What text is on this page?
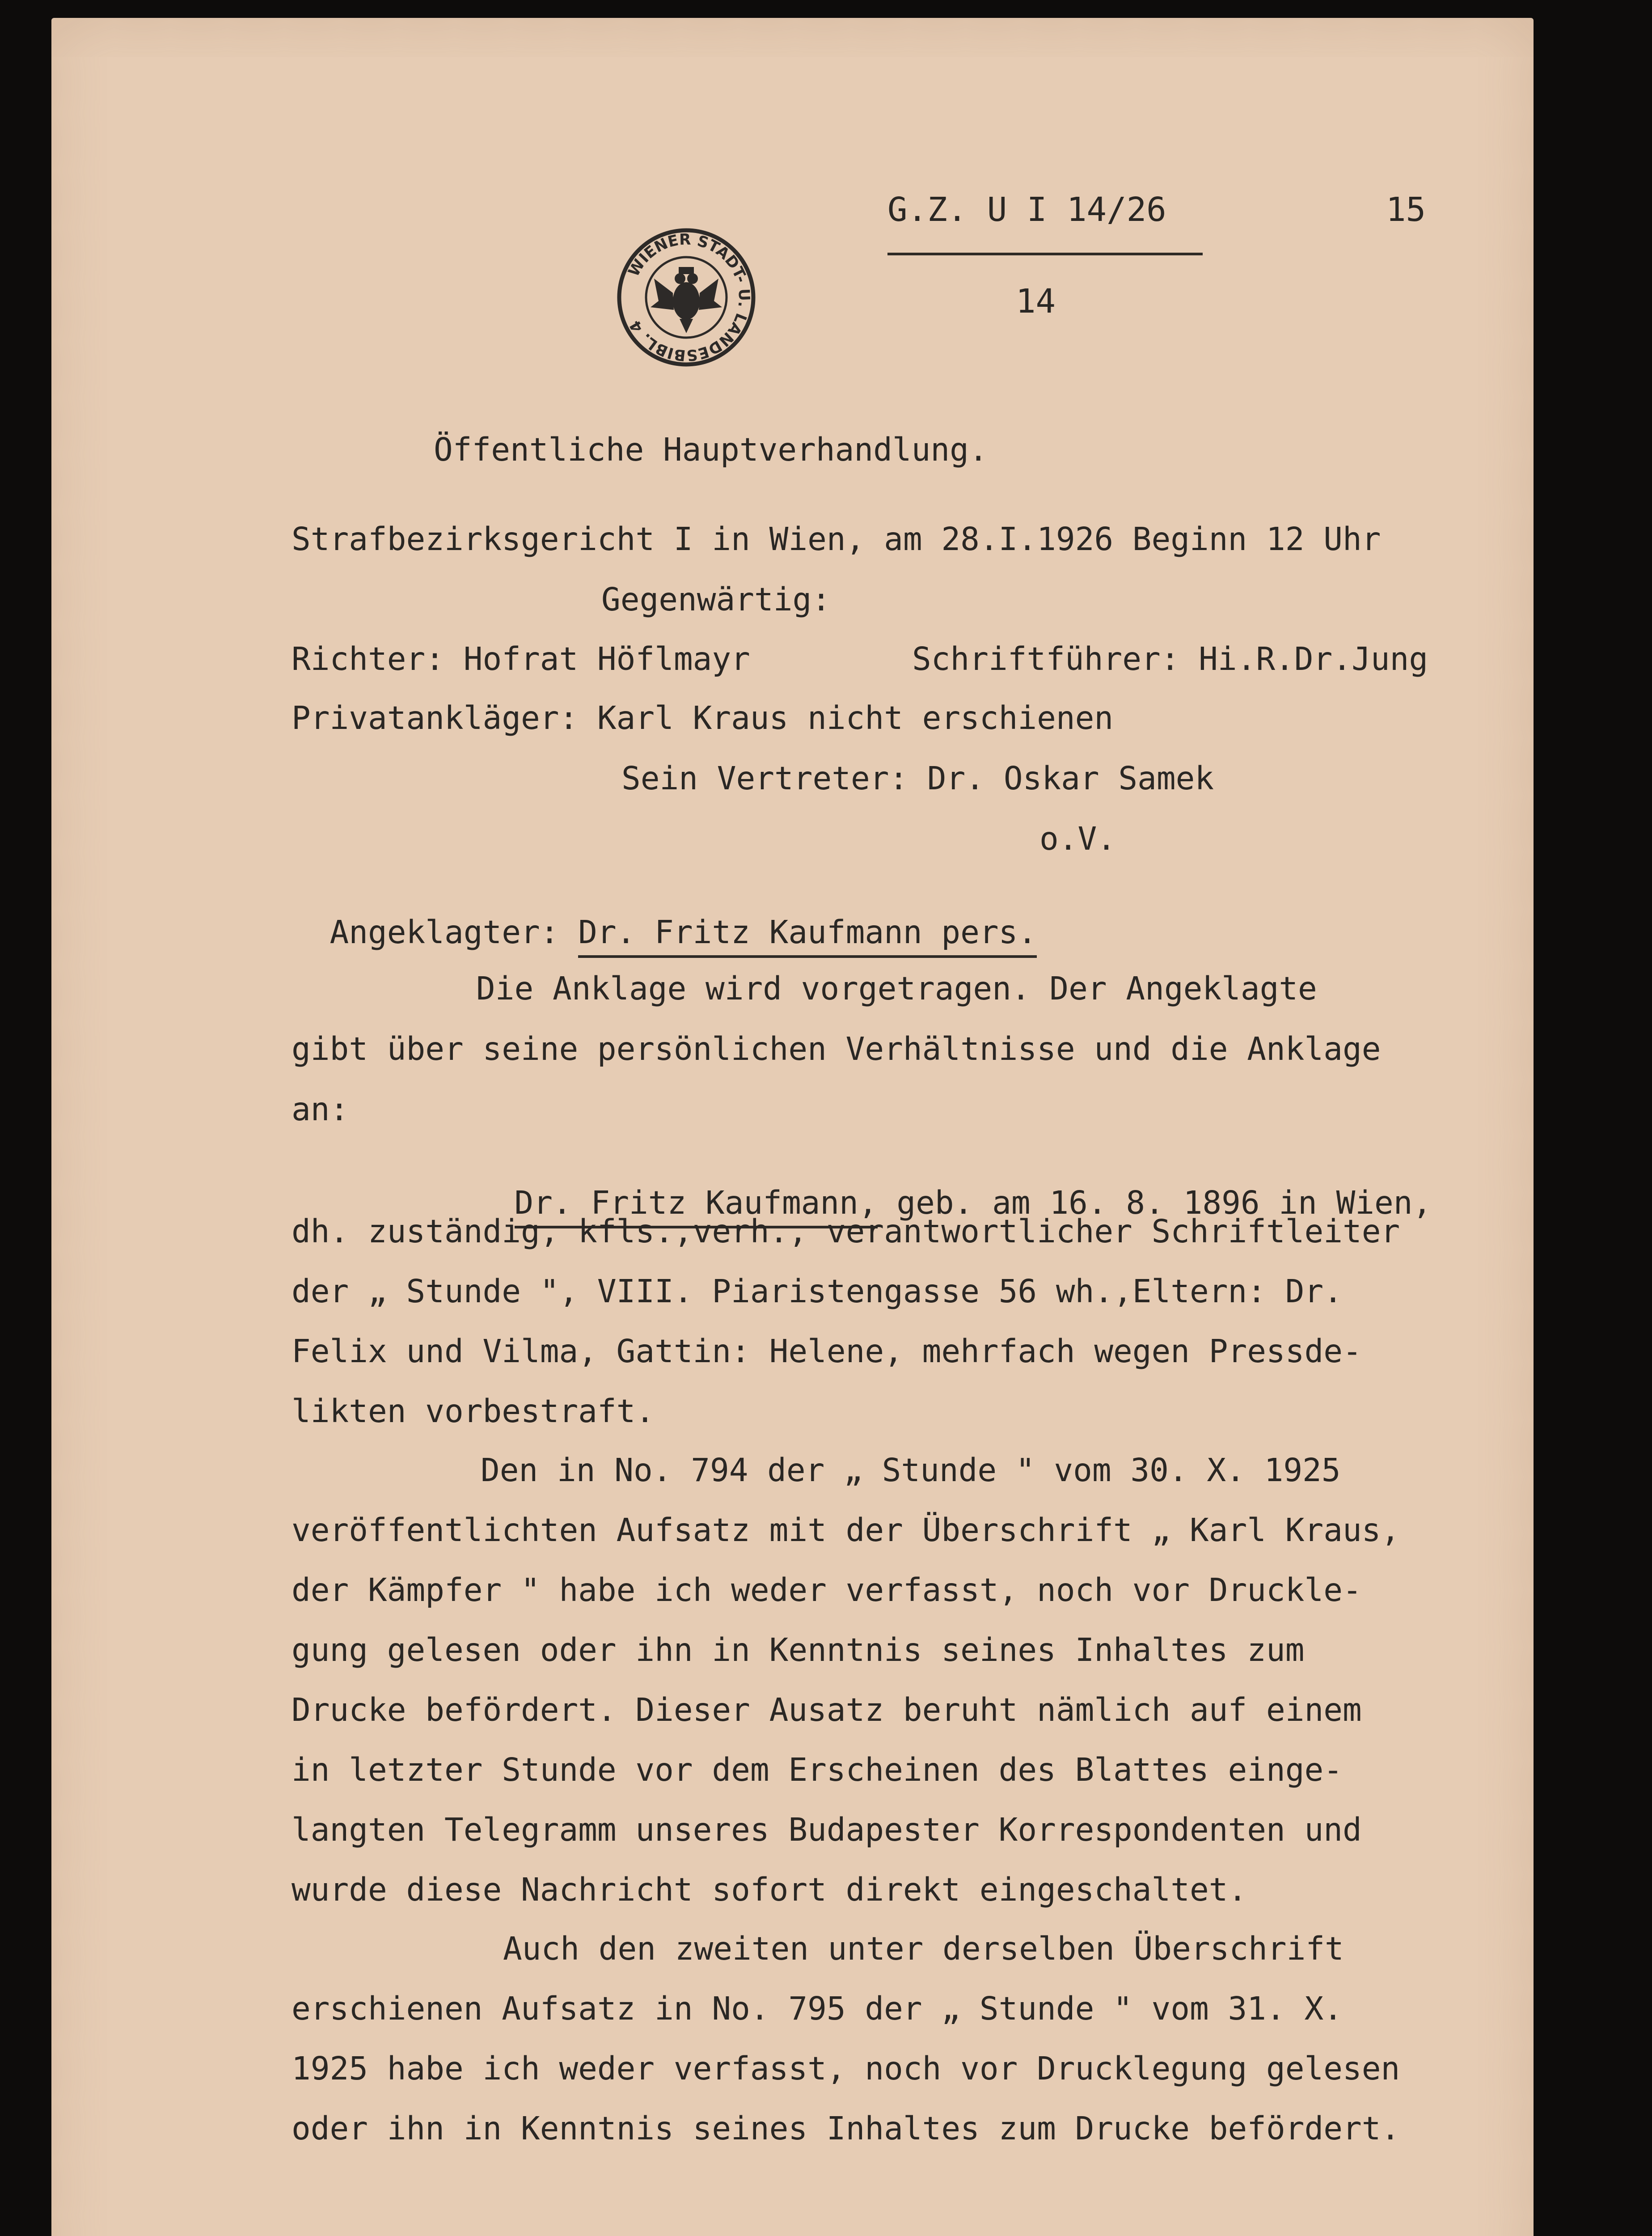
WIENER STADT- U. LANDESBIBL. 4
G.Z. U I 14/26	15
14
Öffentliche Hauptverhandlung.
Strafbezirksgericht I in Wien, am 28.I.1926 Beginn 12 Uhr
Gegenwärtig:
Richter: Hofrat Höflmayr	Schriftführer: Hi.R.Dr.Jung
Privatankläger: Karl Kraus nicht erschienen
Sein Vertreter: Dr. Oskar Samek
o.V.

Angeklagter: Dr. Fritz Kaufmann pers.

Die Anklage wird vorgetragen. Der Angeklagte
gibt über seine persönlichen Verhältnisse und die Anklage
an:

Dr. Fritz Kaufmann, geb. am 16. 8. 1896 in Wien,

dh. zuständig, kfls.,verh., verantwortlicher Schriftleiter
der „ Stunde ", VIII. Piaristengasse 56 wh.,Eltern: Dr.
Felix und Vilma, Gattin: Helene, mehrfach wegen Pressde-
likten vorbestraft.
Den in No. 794 der „ Stunde " vom 30. X. 1925
veröffentlichten Aufsatz mit der Überschrift „ Karl Kraus,
der Kämpfer " habe ich weder verfasst, noch vor Druckle-
gung gelesen oder ihn in Kenntnis seines Inhaltes zum
Drucke befördert. Dieser Ausatz beruht nämlich auf einem
in letzter Stunde vor dem Erscheinen des Blattes einge-
langten Telegramm unseres Budapester Korrespondenten und
wurde diese Nachricht sofort direkt eingeschaltet.
Auch den zweiten unter derselben Überschrift
erschienen Aufsatz in No. 795 der „ Stunde " vom 31. X.
1925 habe ich weder verfasst, noch vor Drucklegung gelesen
oder ihn in Kenntnis seines Inhaltes zum Drucke befördert.
